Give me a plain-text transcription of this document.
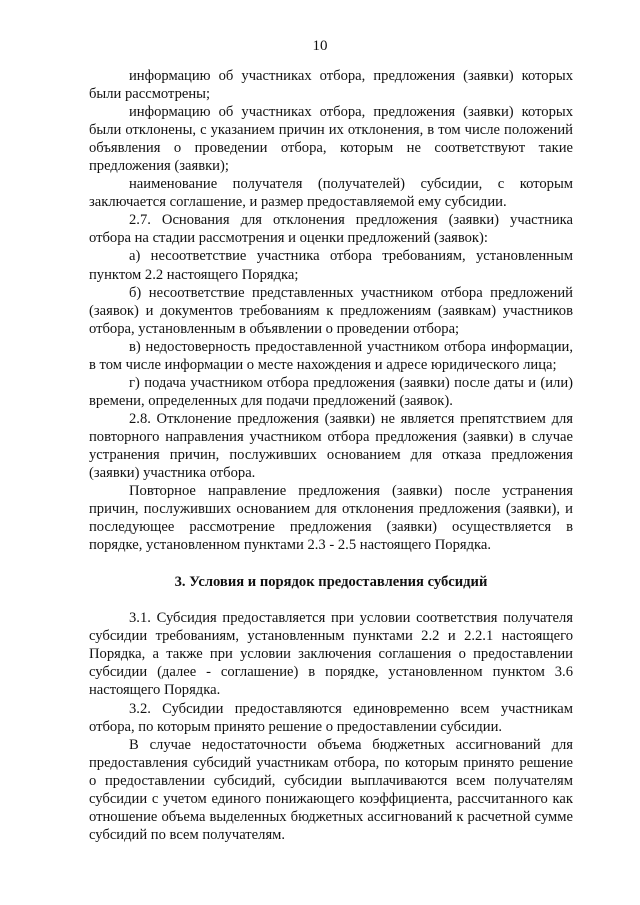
10

информацию об участниках отбора, предложения (заявки) которых были рассмотрены;

информацию об участниках отбора, предложения (заявки) которых были отклонены, с указанием причин их отклонения, в том числе положений объявления о проведении отбора, которым не соответствуют такие предложения (заявки);

наименование получателя (получателей) субсидии, с которым заключается соглашение, и размер предоставляемой ему субсидии.

2.7. Основания для отклонения предложения (заявки) участника отбора на стадии рассмотрения и оценки предложений (заявок):

а) несоответствие участника отбора требованиям, установленным пунктом 2.2 настоящего Порядка;

б) несоответствие представленных участником отбора предложений (заявок) и документов требованиям к предложениям (заявкам) участников отбора, установленным в объявлении о проведении отбора;

в) недостоверность предоставленной участником отбора информации, в том числе информации о месте нахождения и адресе юридического лица;

г) подача участником отбора предложения (заявки) после даты и (или) времени, определенных для подачи предложений (заявок).

2.8. Отклонение предложения (заявки) не является препятствием для повторного направления участником отбора предложения (заявки) в случае устранения причин, послуживших основанием для отказа предложения (заявки) участника отбора.

Повторное направление предложения (заявки) после устранения причин, послуживших основанием для отклонения предложения (заявки), и последующее рассмотрение предложения (заявки) осуществляется в порядке, установленном пунктами 2.3 - 2.5 настоящего Порядка.

3. Условия и порядок предоставления субсидий

3.1. Субсидия предоставляется при условии соответствия получателя субсидии требованиям, установленным пунктами 2.2 и 2.2.1 настоящего Порядка, а также при условии заключения соглашения о предоставлении субсидии (далее - соглашение) в порядке, установленном пунктом 3.6 настоящего Порядка.

3.2. Субсидии предоставляются единовременно всем участникам отбора, по которым принято решение о предоставлении субсидии.

В случае недостаточности объема бюджетных ассигнований для предоставления субсидий участникам отбора, по которым принято решение о предоставлении субсидий, субсидии выплачиваются всем получателям субсидии с учетом единого понижающего коэффициента, рассчитанного как отношение объема выделенных бюджетных ассигнований к расчетной сумме субсидий по всем получателям.
